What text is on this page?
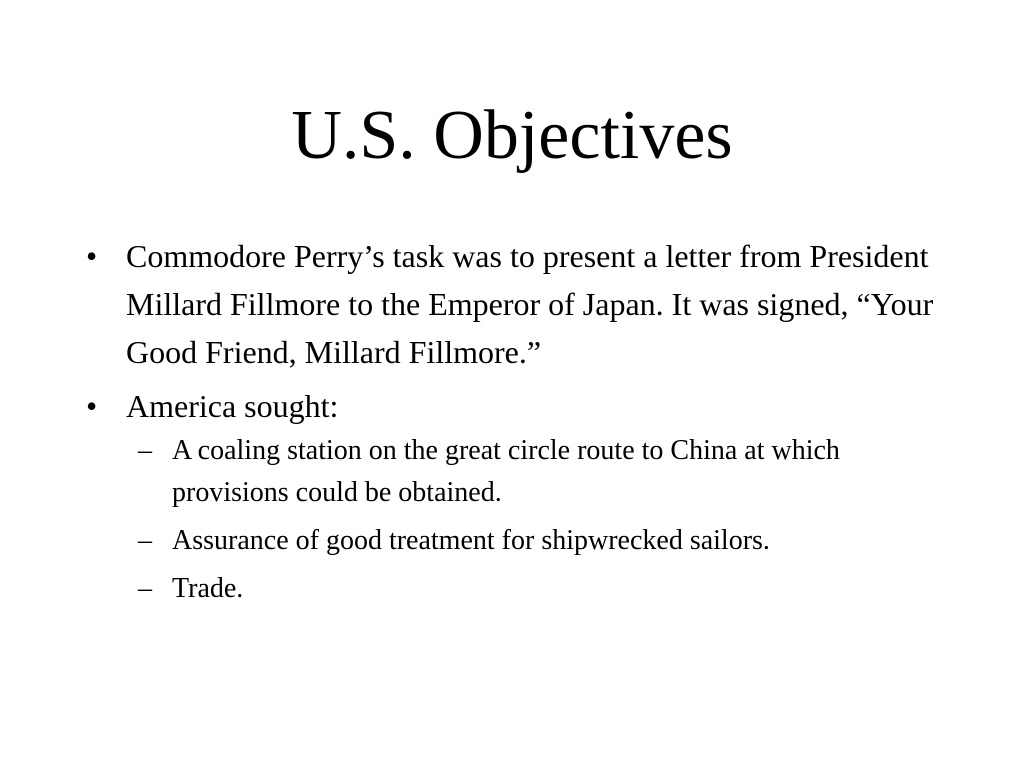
U.S. Objectives
• Commodore Perry’s task was to present a letter from President Millard Fillmore to the Emperor of Japan. It was signed, “Your Good Friend, Millard Fillmore.”
• America sought:
– A coaling station on the great circle route to China at which provisions could be obtained.
– Assurance of good treatment for shipwrecked sailors.
– Trade.
